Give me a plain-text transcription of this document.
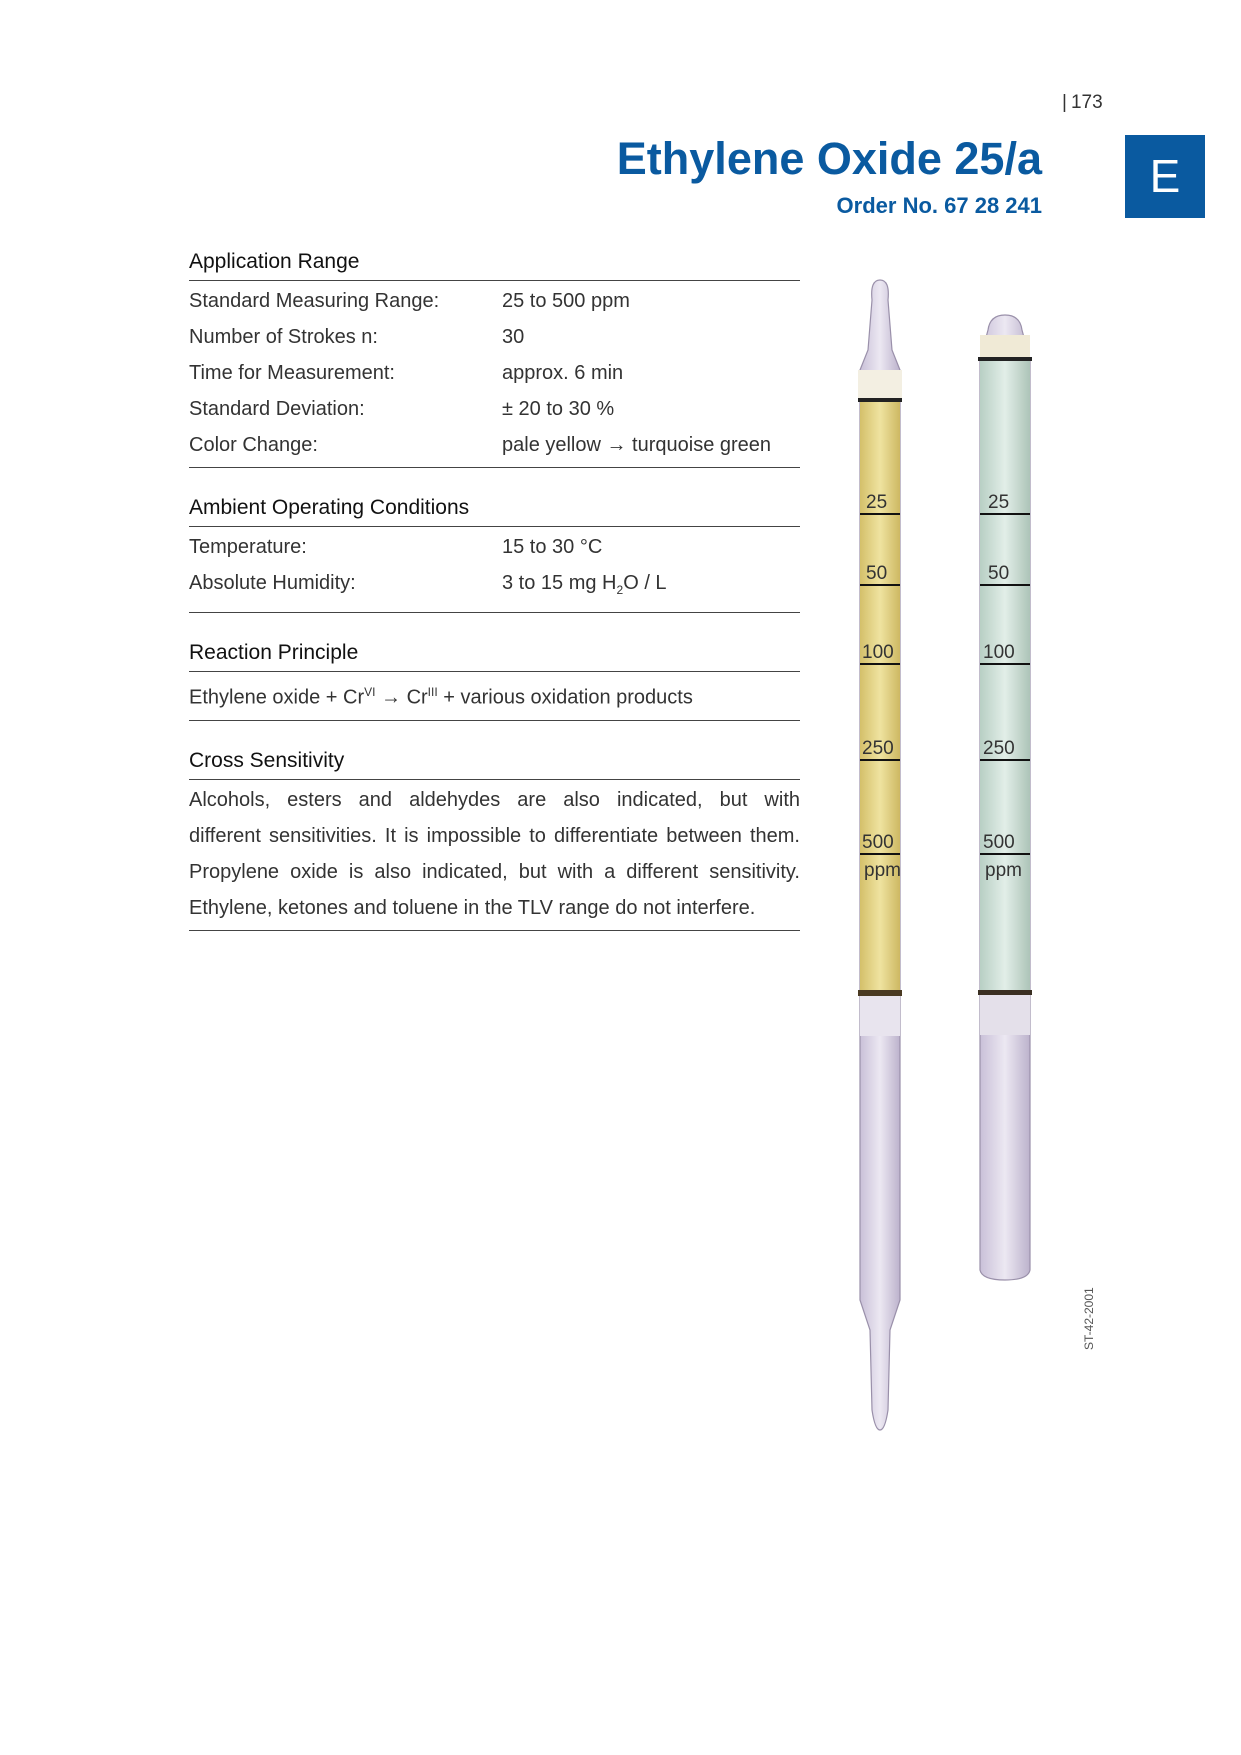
| 173
Ethylene Oxide 25/a
Order No. 67 28 241
E
Application Range
Standard Measuring Range:	25 to 500 ppm
Number of Strokes n:	30
Time for Measurement:	approx. 6 min
Standard Deviation:	± 20 to 30 %
Color Change:	pale yellow → turquoise green
Ambient Operating Conditions
Temperature:	15 to 30 °C
Absolute Humidity:	3 to 15 mg $H_2O$ / L
Reaction Principle
Ethylene oxide + $Cr^{VI} \to Cr^{III}$ + various oxidation products
Cross Sensitivity
Alcohols, esters and aldehydes are also indicated, but with
different sensitivities. It is impossible to differentiate between them.
Propylene oxide is also indicated, but with a different sensitivity.
Ethylene, ketones and toluene in the TLV range do not interfere.
25	25
50	50
100	100
250	250
500	500
ppm	ppm
ST-42-2001
